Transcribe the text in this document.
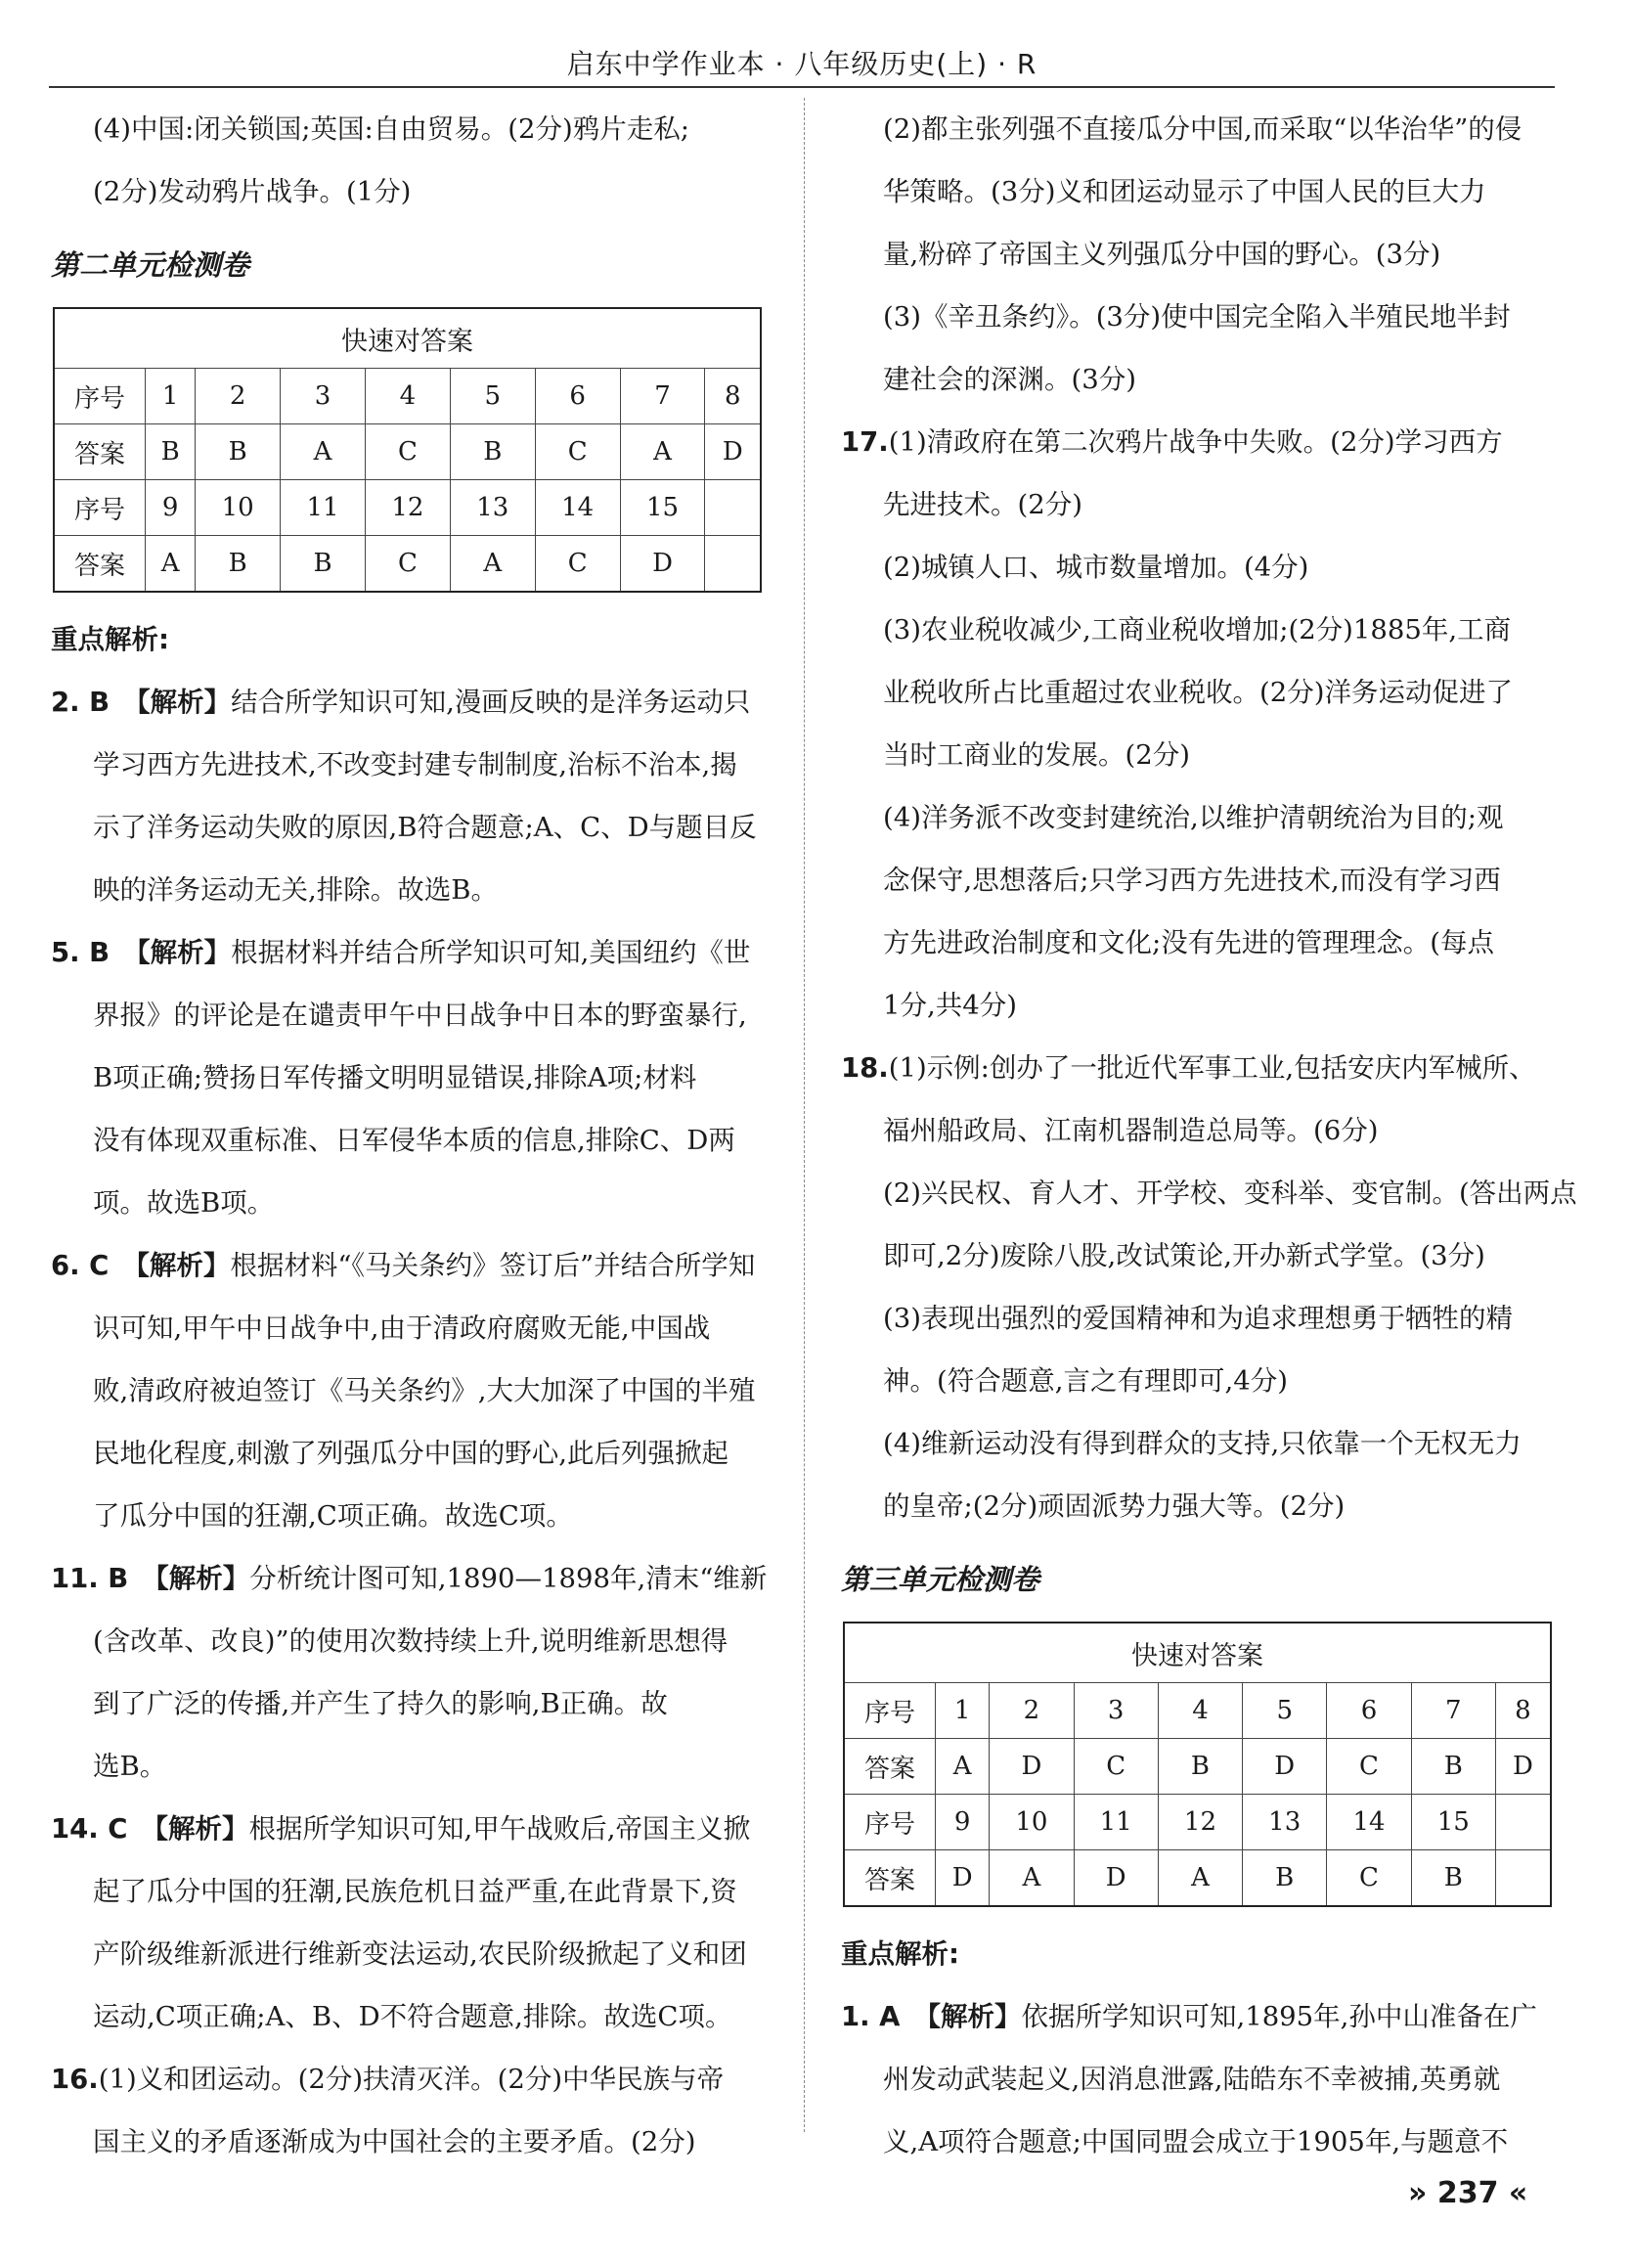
启东中学作业本 · 八年级历史(上) · R

(4)中国:闭关锁国;英国:自由贸易。(2分)鸦片走私;

(2分)发动鸦片战争。(1分)

第二单元检测卷
快速对答案								
序号	1	2	3	4	5	6	7	8
答案	B	B	A	C	B	C	A	D
序号	9	10	11	12	13	14	15	
答案	A	B	B	C	A	C	D	

重点解析:

2. B 【解析】结合所学知识可知,漫画反映的是洋务运动只

学习西方先进技术,不改变封建专制制度,治标不治本,揭

示了洋务运动失败的原因,B符合题意;A、C、D与题目反

映的洋务运动无关,排除。故选B。

5. B 【解析】根据材料并结合所学知识可知,美国纽约《世

界报》的评论是在谴责甲午中日战争中日本的野蛮暴行,

B项正确;赞扬日军传播文明明显错误,排除A项;材料

没有体现双重标准、日军侵华本质的信息,排除C、D两

项。故选B项。

6. C 【解析】根据材料“《马关条约》签订后”并结合所学知

识可知,甲午中日战争中,由于清政府腐败无能,中国战

败,清政府被迫签订《马关条约》,大大加深了中国的半殖

民地化程度,刺激了列强瓜分中国的野心,此后列强掀起

了瓜分中国的狂潮,C项正确。故选C项。

11. B 【解析】分析统计图可知,1890—1898年,清末“维新

(含改革、改良)”的使用次数持续上升,说明维新思想得

到了广泛的传播,并产生了持久的影响,B正确。故

选B。

14. C 【解析】根据所学知识可知,甲午战败后,帝国主义掀

起了瓜分中国的狂潮,民族危机日益严重,在此背景下,资

产阶级维新派进行维新变法运动,农民阶级掀起了义和团

运动,C项正确;A、B、D不符合题意,排除。故选C项。

16.(1)义和团运动。(2分)扶清灭洋。(2分)中华民族与帝

国主义的矛盾逐渐成为中国社会的主要矛盾。(2分)

(2)都主张列强不直接瓜分中国,而采取“以华治华”的侵

华策略。(3分)义和团运动显示了中国人民的巨大力

量,粉碎了帝国主义列强瓜分中国的野心。(3分)

(3)《辛丑条约》。(3分)使中国完全陷入半殖民地半封

建社会的深渊。(3分)

17.(1)清政府在第二次鸦片战争中失败。(2分)学习西方

先进技术。(2分)

(2)城镇人口、城市数量增加。(4分)

(3)农业税收减少,工商业税收增加;(2分)1885年,工商

业税收所占比重超过农业税收。(2分)洋务运动促进了

当时工商业的发展。(2分)

(4)洋务派不改变封建统治,以维护清朝统治为目的;观

念保守,思想落后;只学习西方先进技术,而没有学习西

方先进政治制度和文化;没有先进的管理理念。(每点

1分,共4分)

18.(1)示例:创办了一批近代军事工业,包括安庆内军械所、

福州船政局、江南机器制造总局等。(6分)

(2)兴民权、育人才、开学校、变科举、变官制。(答出两点

即可,2分)废除八股,改试策论,开办新式学堂。(3分)

(3)表现出强烈的爱国精神和为追求理想勇于牺牲的精

神。(符合题意,言之有理即可,4分)

(4)维新运动没有得到群众的支持,只依靠一个无权无力

的皇帝;(2分)顽固派势力强大等。(2分)

第三单元检测卷
快速对答案								
序号	1	2	3	4	5	6	7	8
答案	A	D	C	B	D	C	B	D
序号	9	10	11	12	13	14	15	
答案	D	A	D	A	B	C	B	

重点解析:

1. A 【解析】依据所学知识可知,1895年,孙中山准备在广

州发动武装起义,因消息泄露,陆皓东不幸被捕,英勇就

义,A项符合题意;中国同盟会成立于1905年,与题意不

» 237 «
